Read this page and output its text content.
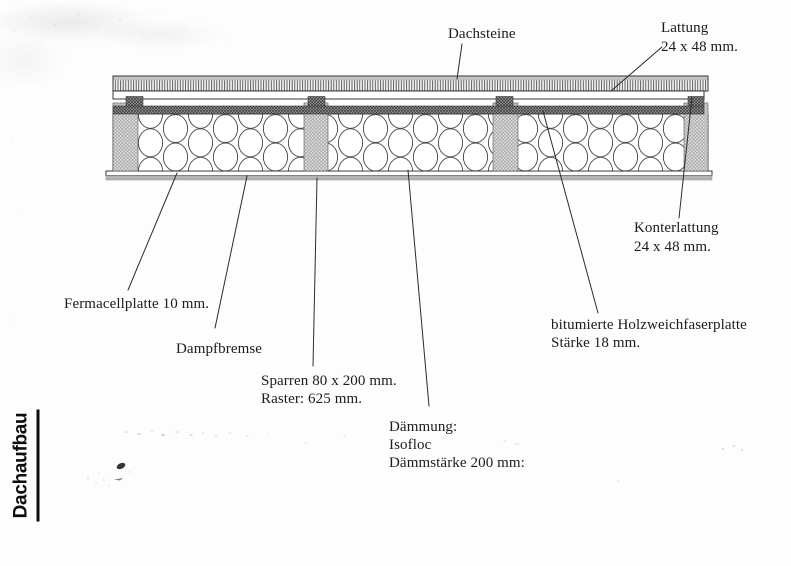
Dachsteine	Lattung
24 x 48 mm.
Konterlattung
24 x 48 mm.
Fermacellplatte 10 mm.
Dampfbremse
Sparren 80 x 200 mm.
Raster: 625 mm.
bitumierte Holzweichfaserplatte
Stärke 18 mm.
Dämmung:
Isofloc
Dämmstärke 200 mm:
Dachaufbau
